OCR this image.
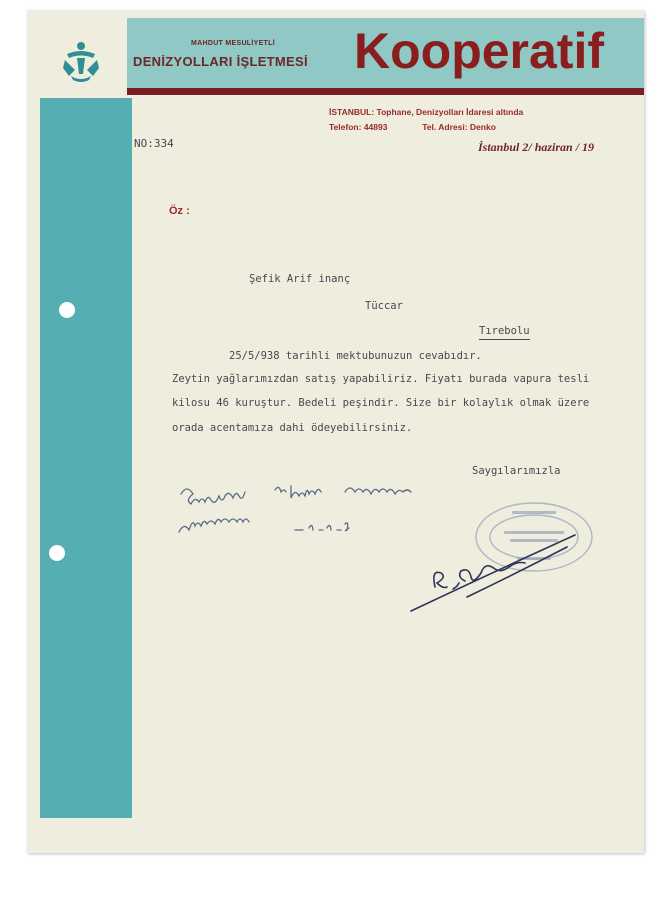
MAHDUT MESULİYETLİ
DENİZYOLLARI İŞLETMESİ Kooperatif
İSTANBUL: Tophane, Denizyolları İdaresi altında
Telefon: 44893	Tel. Adresi: Denko
NO:334	İstanbul 2/ haziran / 19
Öz :
Şefik Arif inanç
Tüccar
Tırebolu
25/5/938 tarihli mektubunuzun cevabıdır.
Zeytin yağlarımızdan satış yapabiliriz. Fiyatı burada vapura tesli
kilosu 46 kuruştur. Bedeli peşindir. Size bir kolaylık olmak üzere
orada acentamıza dahi ödeyebilirsiniz.
Saygılarımızla
